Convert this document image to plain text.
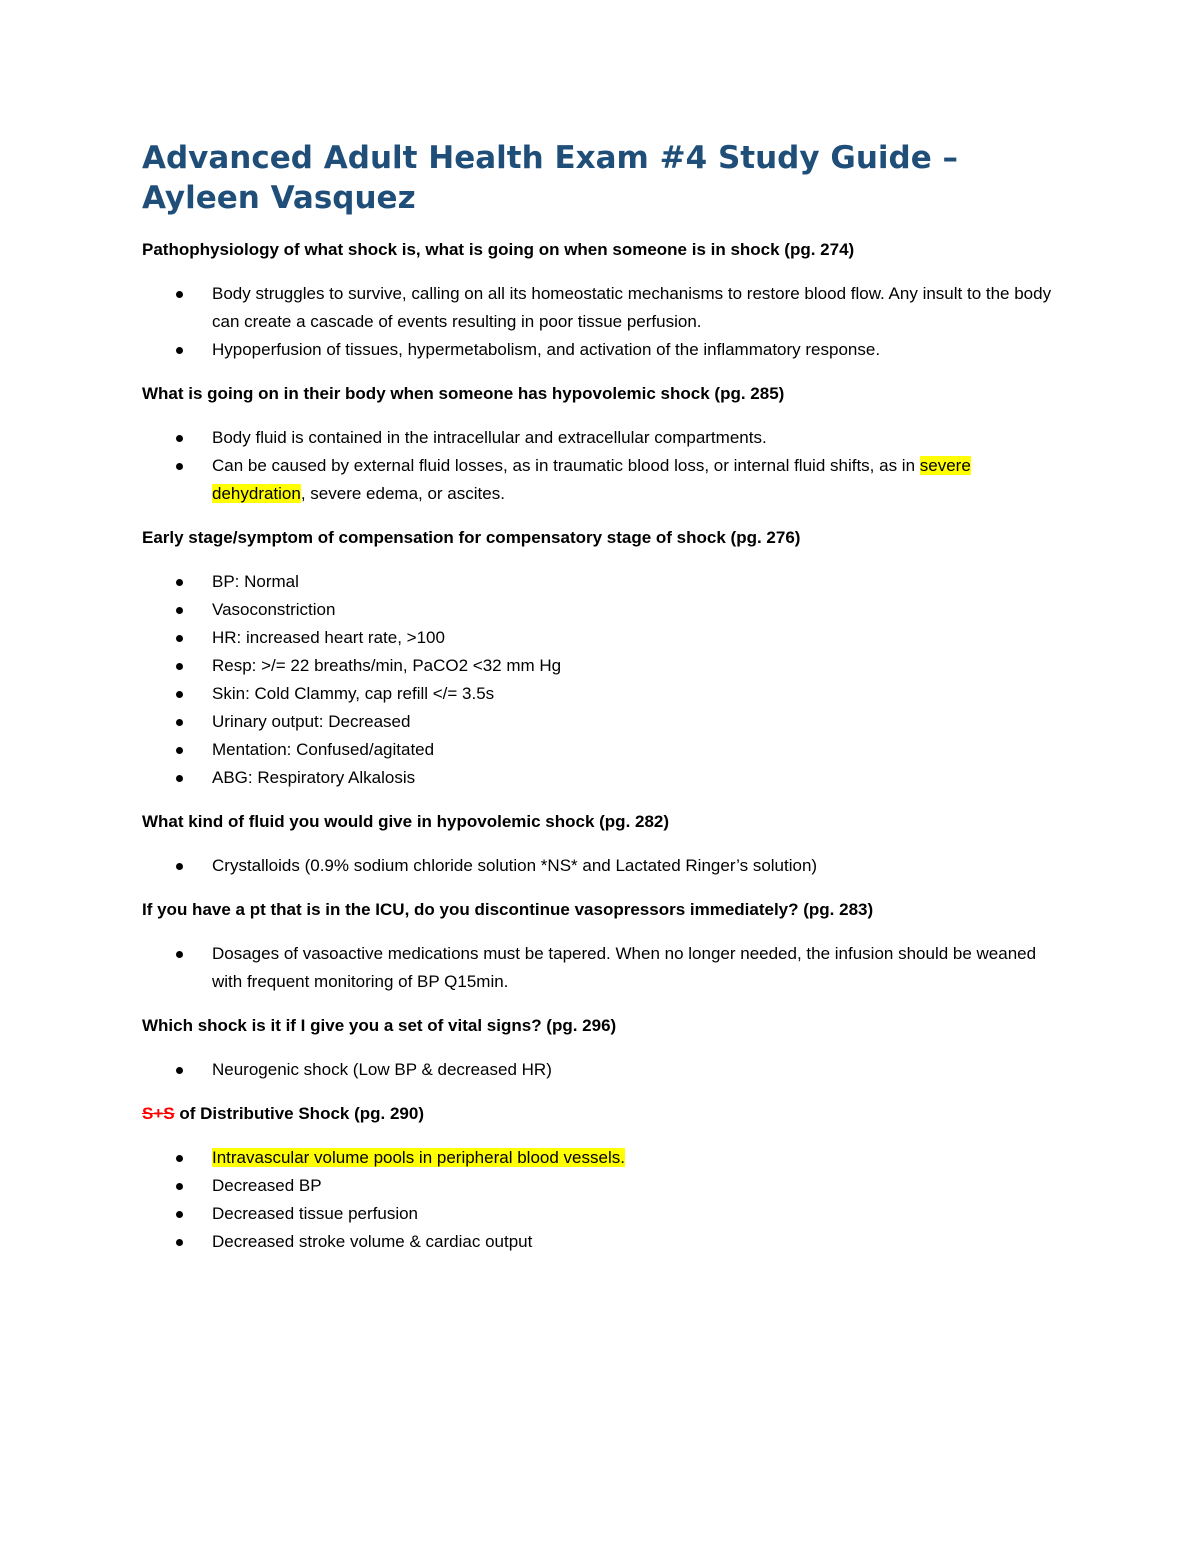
Advanced Adult Health Exam #4 Study Guide – Ayleen Vasquez

Pathophysiology of what shock is, what is going on when someone is in shock (pg. 274)

Body struggles to survive, calling on all its homeostatic mechanisms to restore blood flow. Any insult to the body can create a cascade of events resulting in poor tissue perfusion.
Hypoperfusion of tissues, hypermetabolism, and activation of the inflammatory response.

What is going on in their body when someone has hypovolemic shock (pg. 285)

Body fluid is contained in the intracellular and extracellular compartments.
Can be caused by external fluid losses, as in traumatic blood loss, or internal fluid shifts, as in severe dehydration, severe edema, or ascites.

Early stage/symptom of compensation for compensatory stage of shock (pg. 276)

BP: Normal
Vasoconstriction
HR: increased heart rate, >100
Resp: >/= 22 breaths/min, PaCO2 <32 mm Hg
Skin: Cold Clammy, cap refill </= 3.5s
Urinary output: Decreased
Mentation: Confused/agitated
ABG: Respiratory Alkalosis

What kind of fluid you would give in hypovolemic shock (pg. 282)

Crystalloids (0.9% sodium chloride solution *NS* and Lactated Ringer’s solution)

If you have a pt that is in the ICU, do you discontinue vasopressors immediately? (pg. 283)

Dosages of vasoactive medications must be tapered. When no longer needed, the infusion should be weaned with frequent monitoring of BP Q15min.

Which shock is it if I give you a set of vital signs? (pg. 296)

Neurogenic shock (Low BP & decreased HR)

S+S of Distributive Shock (pg. 290)

Intravascular volume pools in peripheral blood vessels.
Decreased BP
Decreased tissue perfusion
Decreased stroke volume & cardiac output
